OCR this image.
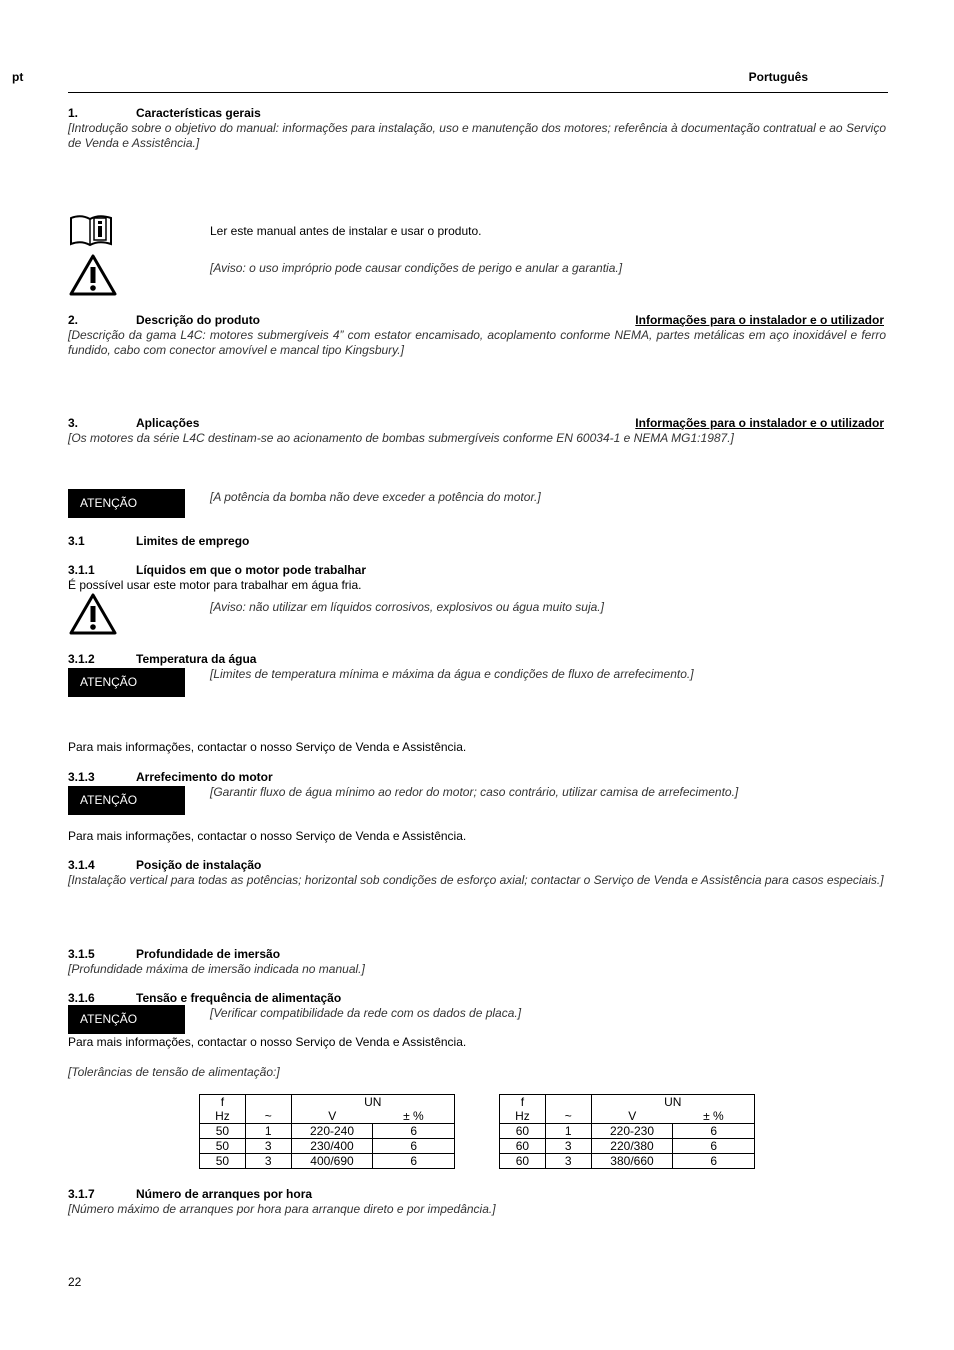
pt	Português
1.	Características gerais
[Introdução sobre o objetivo do manual: informações para instalação, uso e manutenção dos motores; referência à documentação contratual e ao Serviço de Venda e Assistência.]
Ler este manual antes de instalar e usar o produto.
[Aviso: o uso impróprio pode causar condições de perigo e anular a garantia.]
2.	Descrição do produto	Informações para o instalador e o utilizador
[Descrição da gama L4C: motores submergíveis 4” com estator encamisado, acoplamento conforme NEMA, partes metálicas em aço inoxidável e ferro fundido, cabo com conector amovível e mancal tipo Kingsbury.]
3.	Aplicações	Informações para o instalador e o utilizador
[Os motores da série L4C destinam-se ao acionamento de bombas submergíveis conforme EN 60034-1 e NEMA MG1:1987.]
ATENÇÃO	[A potência da bomba não deve exceder a potência do motor.]
3.1	Limites de emprego
3.1.1	Líquidos em que o motor pode trabalhar
É possível usar este motor para trabalhar em água fria.
[Aviso: não utilizar em líquidos corrosivos, explosivos ou água muito suja.]
3.1.2	Temperatura da água
ATENÇÃO
[Limites de temperatura mínima e máxima da água e condições de fluxo de arrefecimento.]
Para mais informações, contactar o nosso Serviço de Venda e Assistência.
3.1.3	Arrefecimento do motor
ATENÇÃO
[Garantir fluxo de água mínimo ao redor do motor; caso contrário, utilizar camisa de arrefecimento.]
Para mais informações, contactar o nosso Serviço de Venda e Assistência.
3.1.4	Posição de instalação
[Instalação vertical para todas as potências; horizontal sob condições de esforço axial; contactar o Serviço de Venda e Assistência para casos especiais.]
3.1.5	Profundidade de imersão
[Profundidade máxima de imersão indicada no manual.]
3.1.6	Tensão e frequência de alimentação
ATENÇÃO	[Verificar compatibilidade da rede com os dados de placa.]
Para mais informações, contactar o nosso Serviço de Venda e Assistência.
[Tolerâncias de tensão de alimentação:]
f		UN	
Hz	~	V	± %
50	1	220-240	6
50	3	230/400	6
50	3	400/690	6
f		UN	
Hz	~	V	± %
60	1	220-230	6
60	3	220/380	6
60	3	380/660	6
3.1.7	Número de arranques por hora
[Número máximo de arranques por hora para arranque direto e por impedância.]
22
